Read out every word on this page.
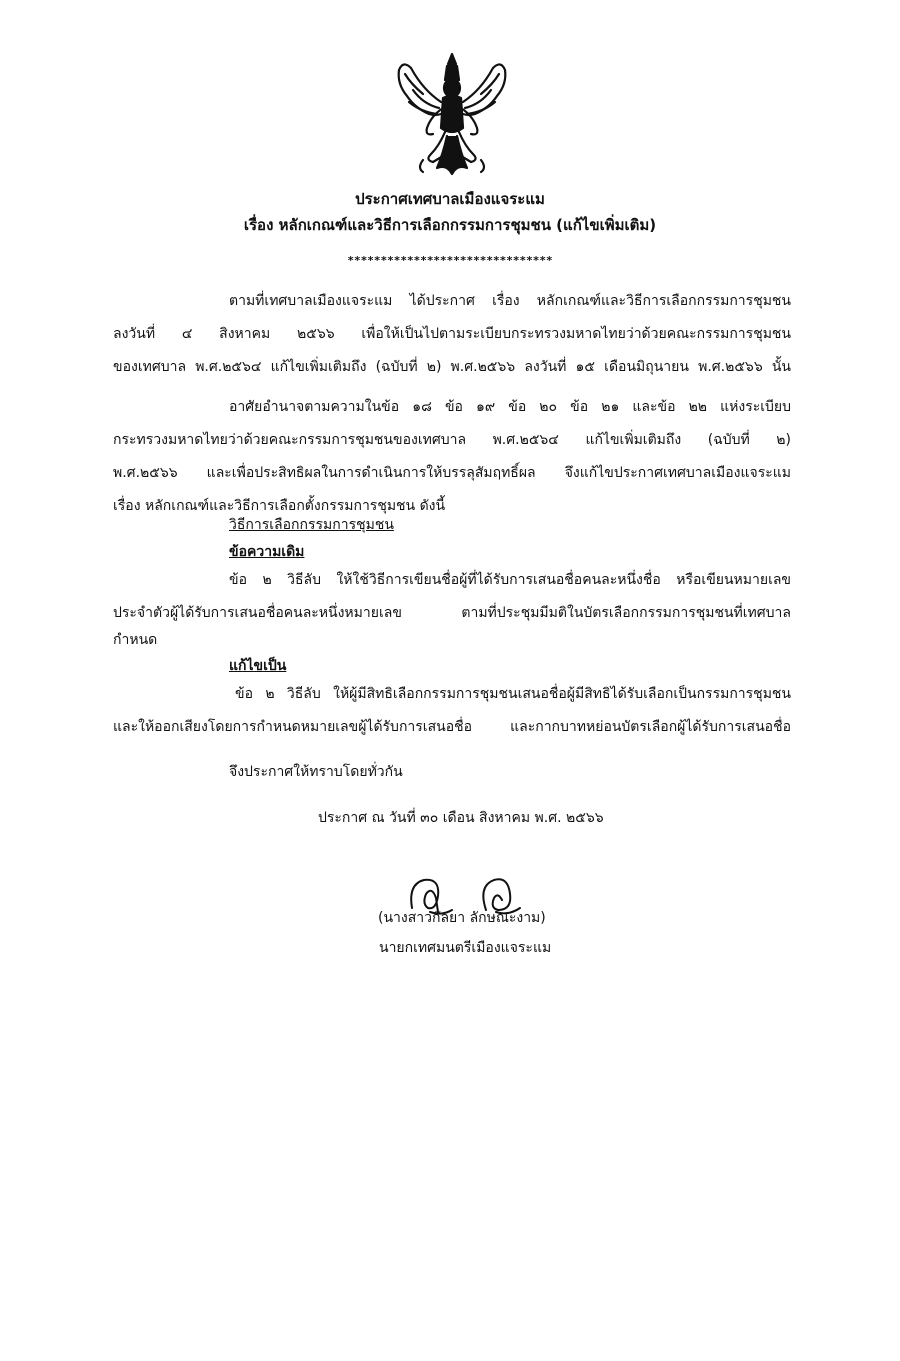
ประกาศเทศบาลเมืองแจระแม
เรื่อง หลักเกณฑ์และวิธีการเลือกกรรมการชุมชน (แก้ไขเพิ่มเติม)
*******************************
ตามที่เทศบาลเมืองแจระแม ได้ประกาศ เรื่อง หลักเกณฑ์และวิธีการเลือกกรรมการชุมชน
ลงวันที่ ๔ สิงหาคม ๒๕๖๖ เพื่อให้เป็นไปตามระเบียบกระทรวงมหาดไทยว่าด้วยคณะกรรมการชุมชน
ของเทศบาล พ.ศ.๒๕๖๔ แก้ไขเพิ่มเติมถึง (ฉบับที่ ๒) พ.ศ.๒๕๖๖ ลงวันที่ ๑๕ เดือนมิถุนายน พ.ศ.๒๕๖๖ นั้น
อาศัยอำนาจตามความในข้อ ๑๘ ข้อ ๑๙ ข้อ ๒๐ ข้อ ๒๑ และข้อ ๒๒ แห่งระเบียบ
กระทรวงมหาดไทยว่าด้วยคณะกรรมการชุมชนของเทศบาล พ.ศ.๒๕๖๔ แก้ไขเพิ่มเติมถึง (ฉบับที่ ๒)
พ.ศ.๒๕๖๖ และเพื่อประสิทธิผลในการดำเนินการให้บรรลุสัมฤทธิ์ผล จึงแก้ไขประกาศเทศบาลเมืองแจระแม
เรื่อง หลักเกณฑ์และวิธีการเลือกตั้งกรรมการชุมชน ดังนี้
วิธีการเลือกกรรมการชุมชน
ข้อความเดิม
ข้อ ๒ วิธีลับ ให้ใช้วิธีการเขียนชื่อผู้ที่ได้รับการเสนอชื่อคนละหนึ่งชื่อ หรือเขียนหมายเลข
ประจำตัวผู้ได้รับการเสนอชื่อคนละหนึ่งหมายเลข ตามที่ประชุมมีมติในบัตรเลือกกรรมการชุมชนที่เทศบาล
กำหนด
แก้ไขเป็น
ข้อ ๒ วิธีลับ ให้ผู้มีสิทธิเลือกกรรมการชุมชนเสนอชื่อผู้มีสิทธิได้รับเลือกเป็นกรรมการชุมชน
และให้ออกเสียงโดยการกำหนดหมายเลขผู้ได้รับการเสนอชื่อ และกากบาทหย่อนบัตรเลือกผู้ได้รับการเสนอชื่อ
จึงประกาศให้ทราบโดยทั่วกัน
ประกาศ ณ วันที่ ๓๐ เดือน สิงหาคม พ.ศ. ๒๕๖๖
(นางสาวกัลยา ลักษณะงาม)
นายกเทศมนตรีเมืองแจระแม
